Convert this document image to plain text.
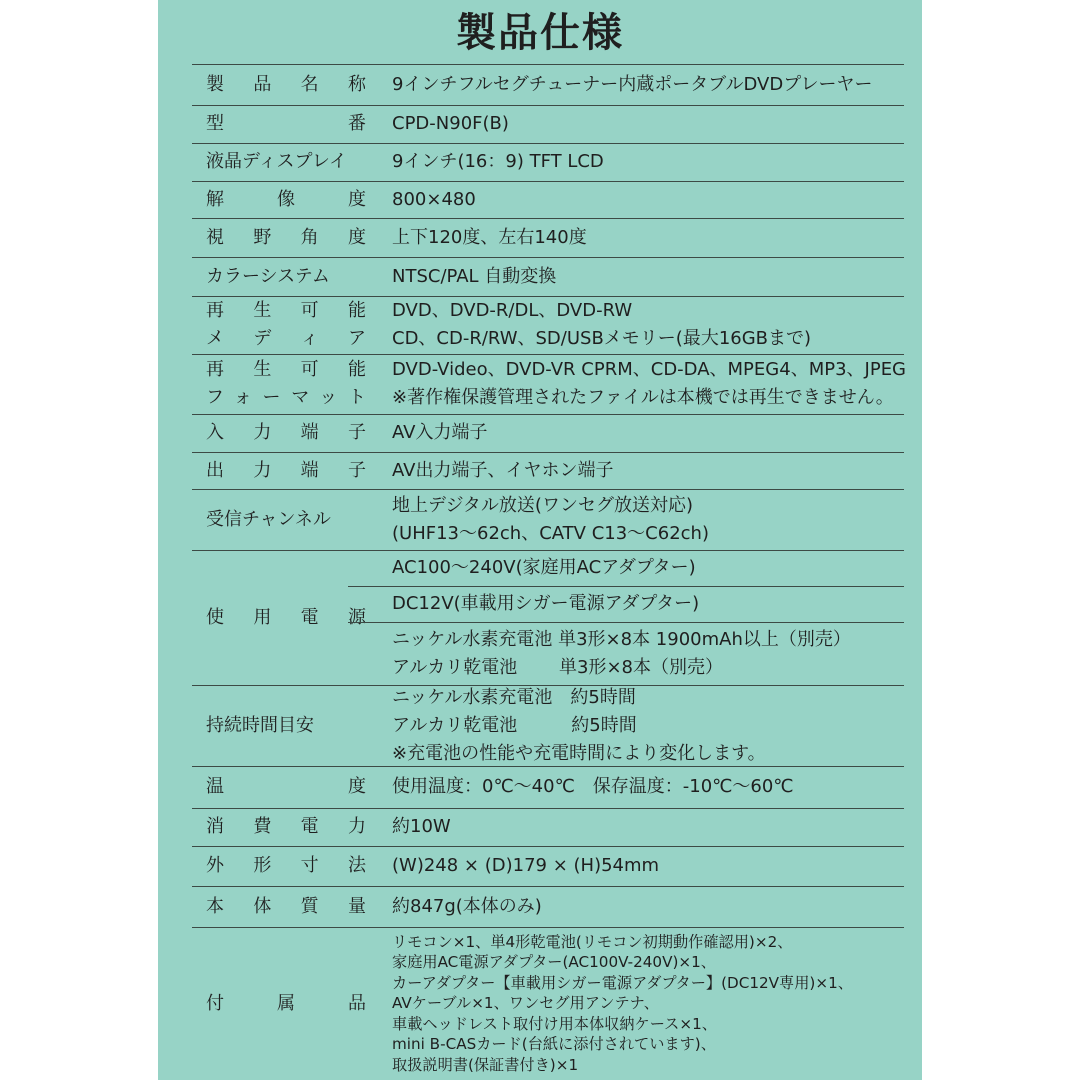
製品仕様
製 品 名 称 9インチフルセグチューナー内蔵ポータブルDVDプレーヤー
型 番 CPD-N90F(B)
液晶ディスプレイ	9インチ(16：9) TFT LCD
解 像 度 800×480
視 野 角 度 上下120度、左右140度
カラーシステム	NTSC/PAL 自動変換
再 生 可 能
メ デ ィ ア
DVD、DVD-R/DL、DVD-RW
CD、CD-R/RW、SD/USBメモリー(最大16GBまで)
再 生 可 能
フォーマット
DVD-Video、DVD-VR CPRM、CD-DA、MPEG4、MP3、JPEG
※著作権保護管理されたファイルは本機では再生できません。
入 力 端 子 AV入力端子
出 力 端 子 AV出力端子、イヤホン端子
受信チャンネル
地上デジタル放送(ワンセグ放送対応)
(UHF13〜62ch、CATV C13〜C62ch)
使 用 電 源
AC100〜240V(家庭用ACアダプター)
DC12V(車載用シガー電源アダプター)
ニッケル水素充電池 単3形×8本 1900mAh以上（別売）
アルカリ乾電池　　 単3形×8本（別売）
持続時間目安
ニッケル水素充電池　約5時間
アルカリ乾電池　　　約5時間
※充電池の性能や充電時間により変化します。
温 度 使用温度：0℃〜40℃　保存温度：-10℃〜60℃
消 費 電 力 約10W
外 形 寸 法 (W)248 × (D)179 × (H)54mm
本 体 質 量 約847g(本体のみ)
付 属 品
リモコン×1、単4形乾電池(リモコン初期動作確認用)×2、
家庭用AC電源アダプター(AC100V-240V)×1、
カーアダプター【車載用シガー電源アダプター】(DC12V専用)×1、
AVケーブル×1、ワンセグ用アンテナ、
車載ヘッドレスト取付け用本体収納ケース×1、
mini B-CASカード(台紙に添付されています)、
取扱説明書(保証書付き)×1
